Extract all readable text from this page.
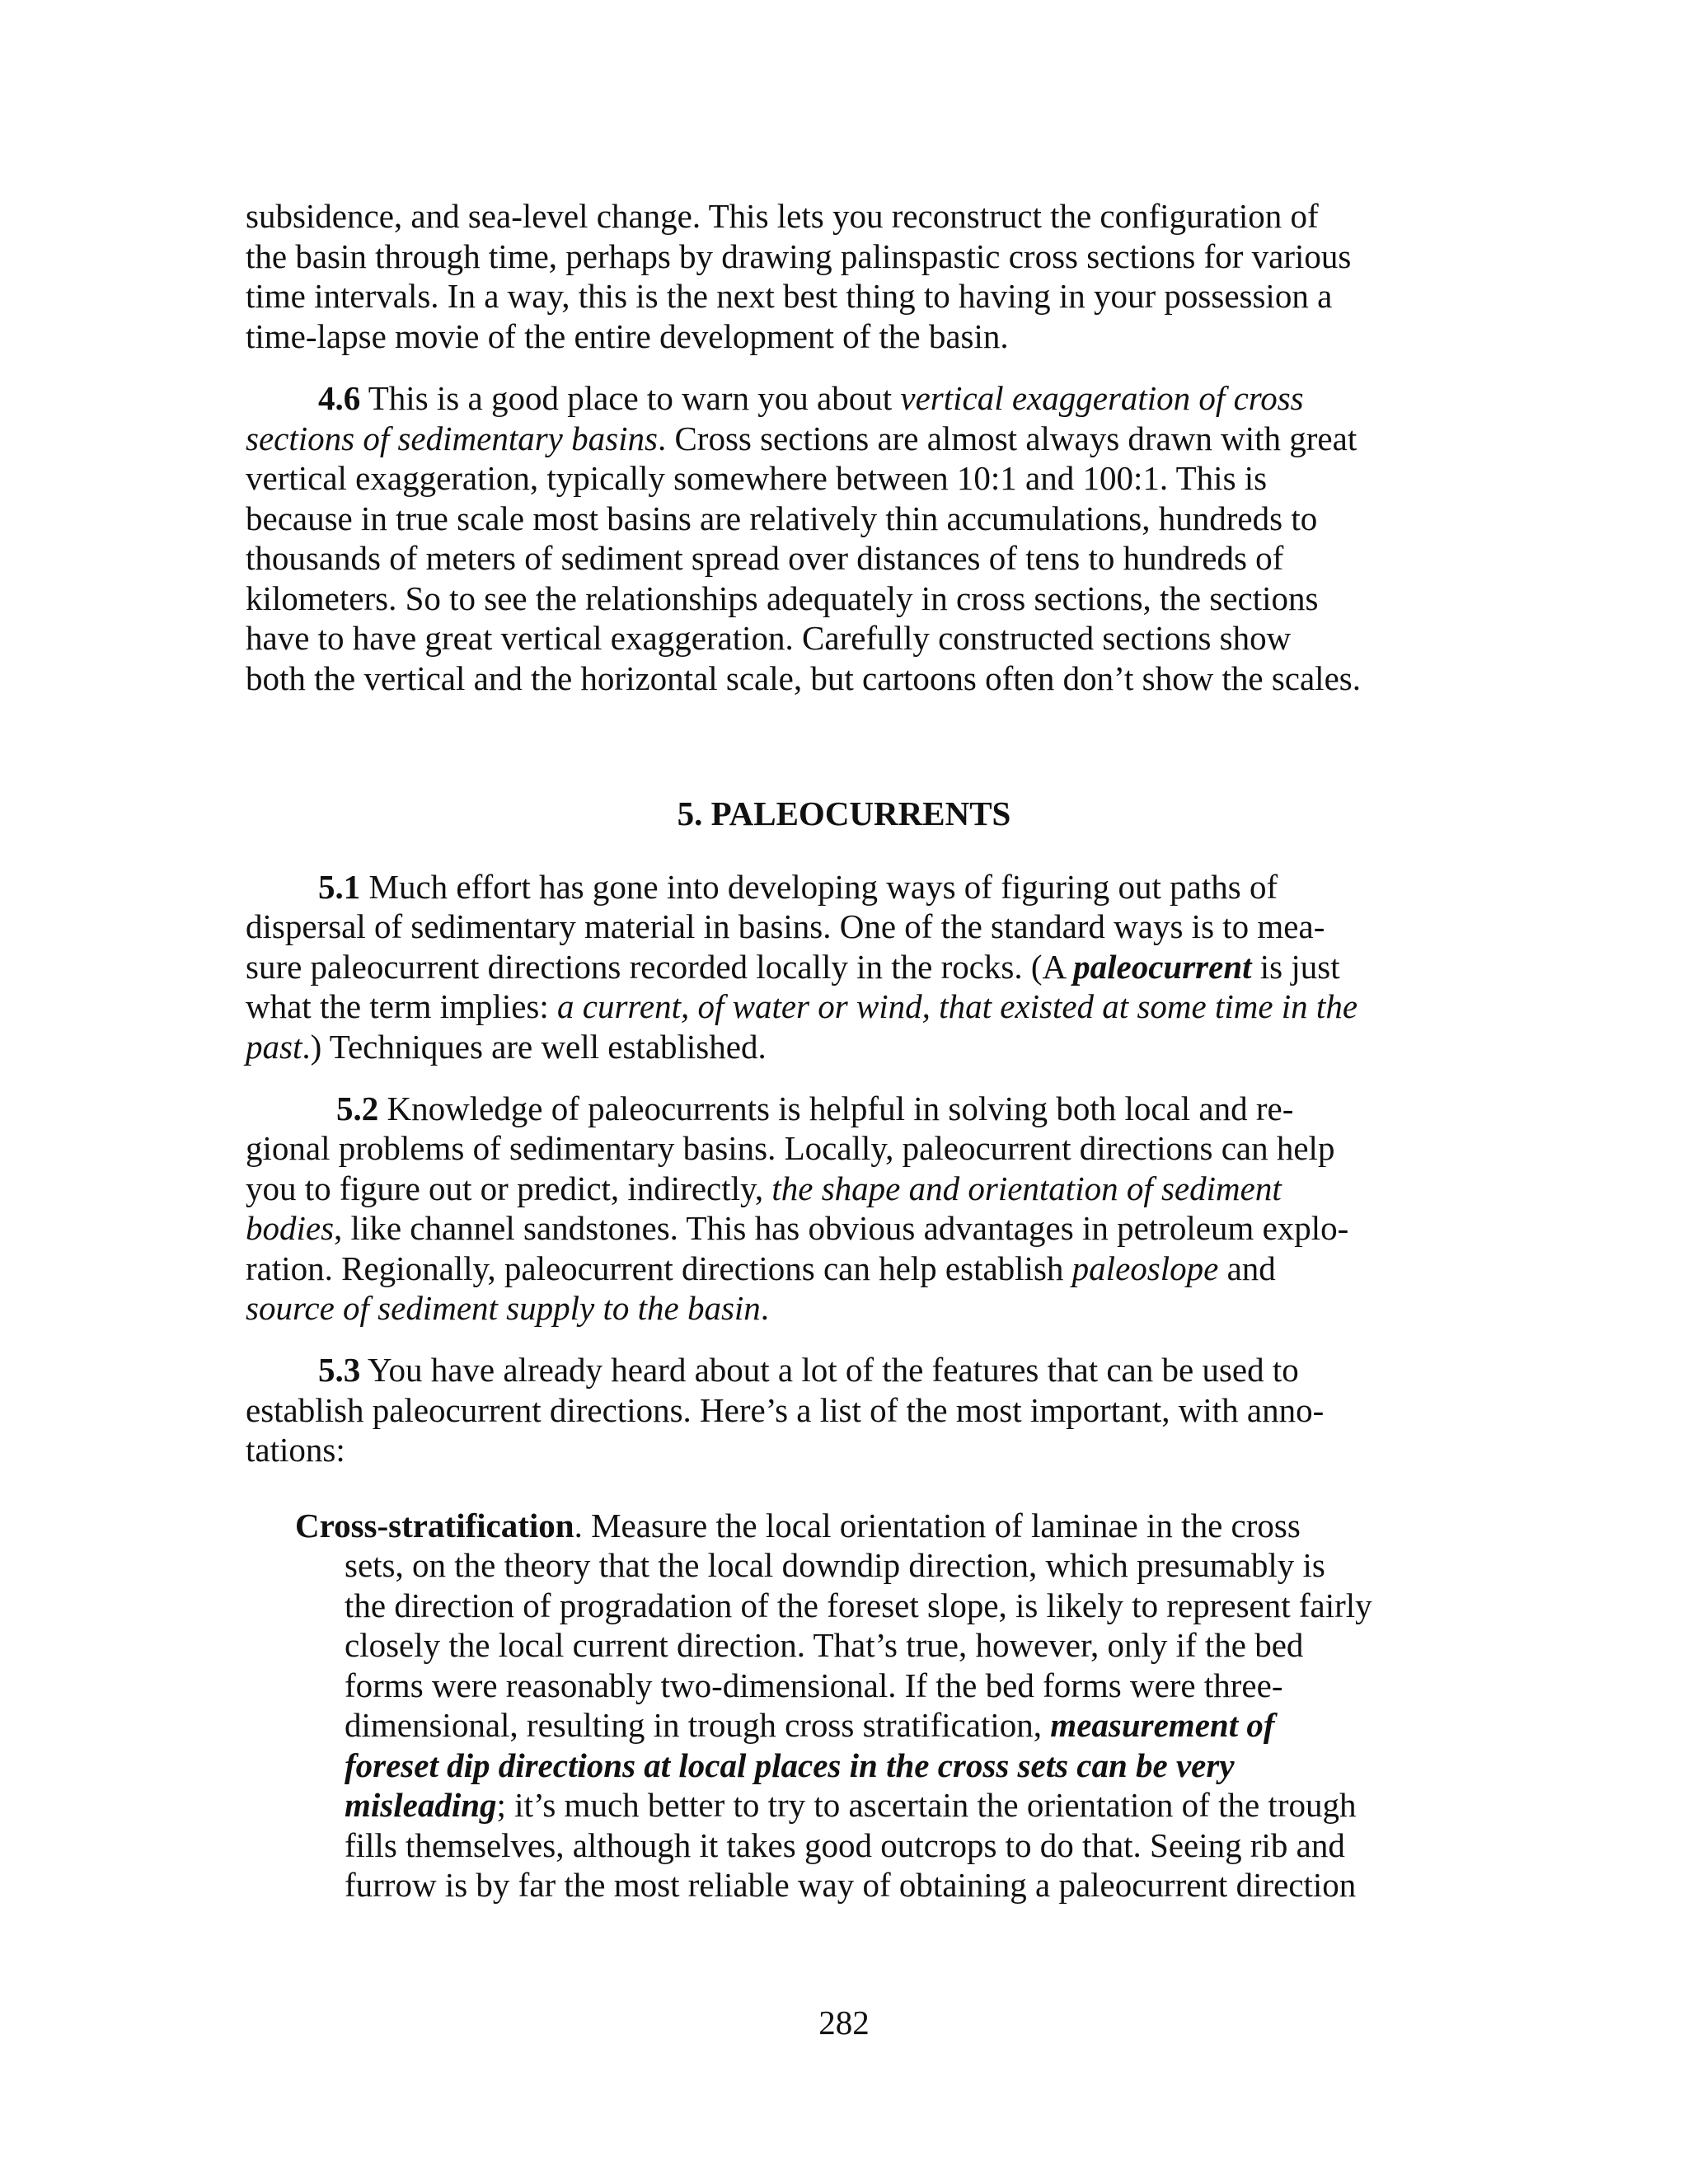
subsidence, and sea-level change. This lets you reconstruct the configuration of

the basin through time, perhaps by drawing palinspastic cross sections for various

time intervals. In a way, this is the next best thing to having in your possession a

time-lapse movie of the entire development of the basin.

4.6 This is a good place to warn you about vertical exaggeration of cross

sections of sedimentary basins. Cross sections are almost always drawn with great

vertical exaggeration, typically somewhere between 10:1 and 100:1. This is

because in true scale most basins are relatively thin accumulations, hundreds to

thousands of meters of sediment spread over distances of tens to hundreds of

kilometers. So to see the relationships adequately in cross sections, the sections

have to have great vertical exaggeration. Carefully constructed sections show

both the vertical and the horizontal scale, but cartoons often don’t show the scales.

5. PALEOCURRENTS

5.1 Much effort has gone into developing ways of figuring out paths of

dispersal of sedimentary material in basins. One of the standard ways is to mea-

sure paleocurrent directions recorded locally in the rocks. (A paleocurrent is just

what the term implies: a current, of water or wind, that existed at some time in the

past.) Techniques are well established.

5.2 Knowledge of paleocurrents is helpful in solving both local and re-

gional problems of sedimentary basins. Locally, paleocurrent directions can help

you to figure out or predict, indirectly, the shape and orientation of sediment

bodies, like channel sandstones. This has obvious advantages in petroleum explo-

ration. Regionally, paleocurrent directions can help establish paleoslope and

source of sediment supply to the basin.

5.3 You have already heard about a lot of the features that can be used to

establish paleocurrent directions. Here’s a list of the most important, with anno-

tations:

Cross-stratification. Measure the local orientation of laminae in the cross

sets, on the theory that the local downdip direction, which presumably is

the direction of progradation of the foreset slope, is likely to represent fairly

closely the local current direction. That’s true, however, only if the bed

forms were reasonably two-dimensional. If the bed forms were three-

dimensional, resulting in trough cross stratification, measurement of

foreset dip directions at local places in the cross sets can be very

misleading; it’s much better to try to ascertain the orientation of the trough

fills themselves, although it takes good outcrops to do that. Seeing rib and

furrow is by far the most reliable way of obtaining a paleocurrent direction

282
